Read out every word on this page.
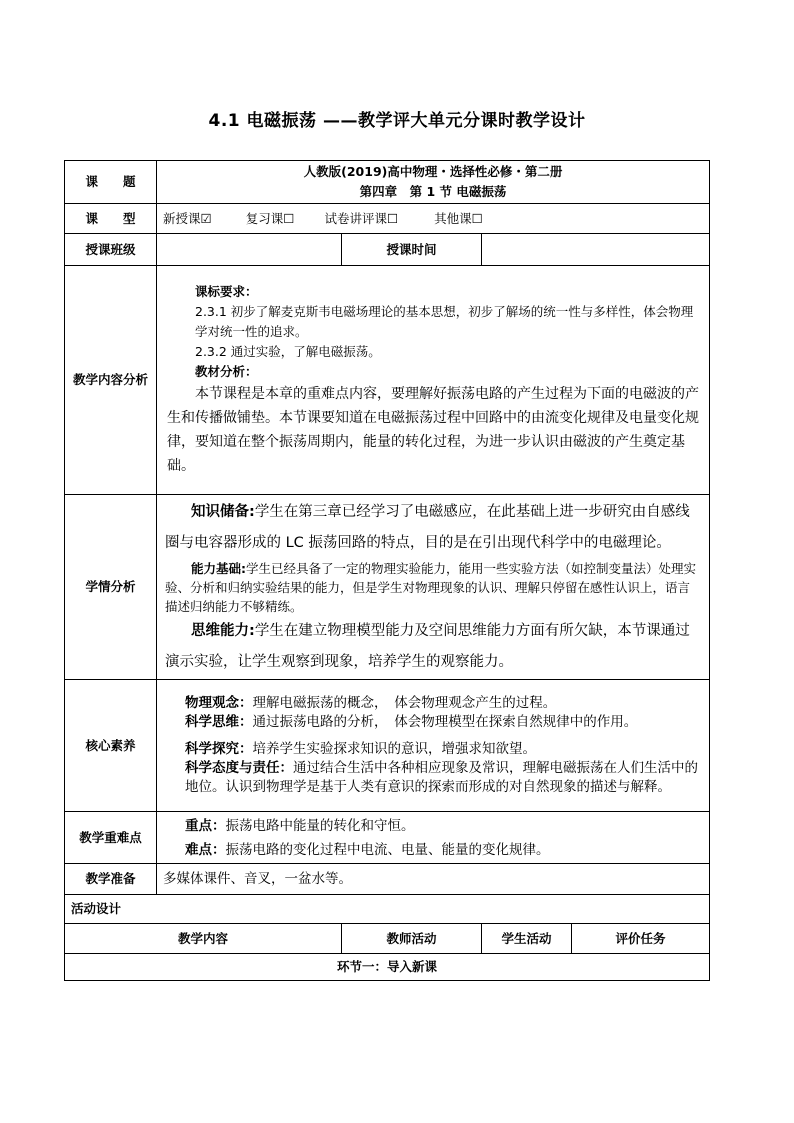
4.1 电磁振荡 ——教学评大单元分课时教学设计
课　　题	人教版(2019)高中物理・选择性必修・第二册
第四章　第 1 节 电磁振荡			

课　　型	新授课☑ 复习课☐ 试卷讲评课☐ 其他课☐			
授课班级		授课时间		
教学内容分析	课标要求：

2.3.1 初步了解麦克斯韦电磁场理论的基本思想，初步了解场的统一性与多样性，体会物理学对统一性的追求。

2.3.2 通过实验，了解电磁振荡。

教材分析：

本节课程是本章的重难点内容，要理解好振荡电路的产生过程为下面的电磁波的产生和传播做铺垫。本节课要知道在电磁振荡过程中回路中的由流变化规律及电量变化规律，要知道在整个振荡周期内，能量的转化过程，为进一步认识由磁波的产生奠定基础。			

学情分析	知识储备:学生在第三章已经学习了电磁感应，在此基础上进一步研究由自感线圈与电容器形成的 LC 振荡回路的特点，目的是在引出现代科学中的电磁理论。

能力基础:学生已经具备了一定的物理实验能力，能用一些实验方法（如控制变量法）处理实验、分析和归纳实验结果的能力，但是学生对物理现象的认识、理解只停留在感性认识上，语言描述归纳能力不够精练。

思维能力:学生在建立物理模型能力及空间思维能力方面有所欠缺，本节课通过演示实验，让学生观察到现象，培养学生的观察能力。			

核心素养	物理观念：理解电磁振荡的概念，　体会物理观念产生的过程。

科学思维：通过振荡电路的分析，　体会物理模型在探索自然规律中的作用。

科学探究：培养学生实验探求知识的意识，增强求知欲望。

科学态度与责任：通过结合生活中各种相应现象及常识，理解电磁振荡在人们生活中的地位。认识到物理学是基于人类有意识的探索而形成的对自然现象的描述与解释。			

教学重难点	重点：振荡电路中能量的转化和守恒。

难点：振荡电路的变化过程中电流、电量、能量的变化规律。			

教学准备	多媒体课件、音叉，一盆水等。			
活动设计				
教学内容		教师活动	学生活动	评价任务
环节一：导入新课				
